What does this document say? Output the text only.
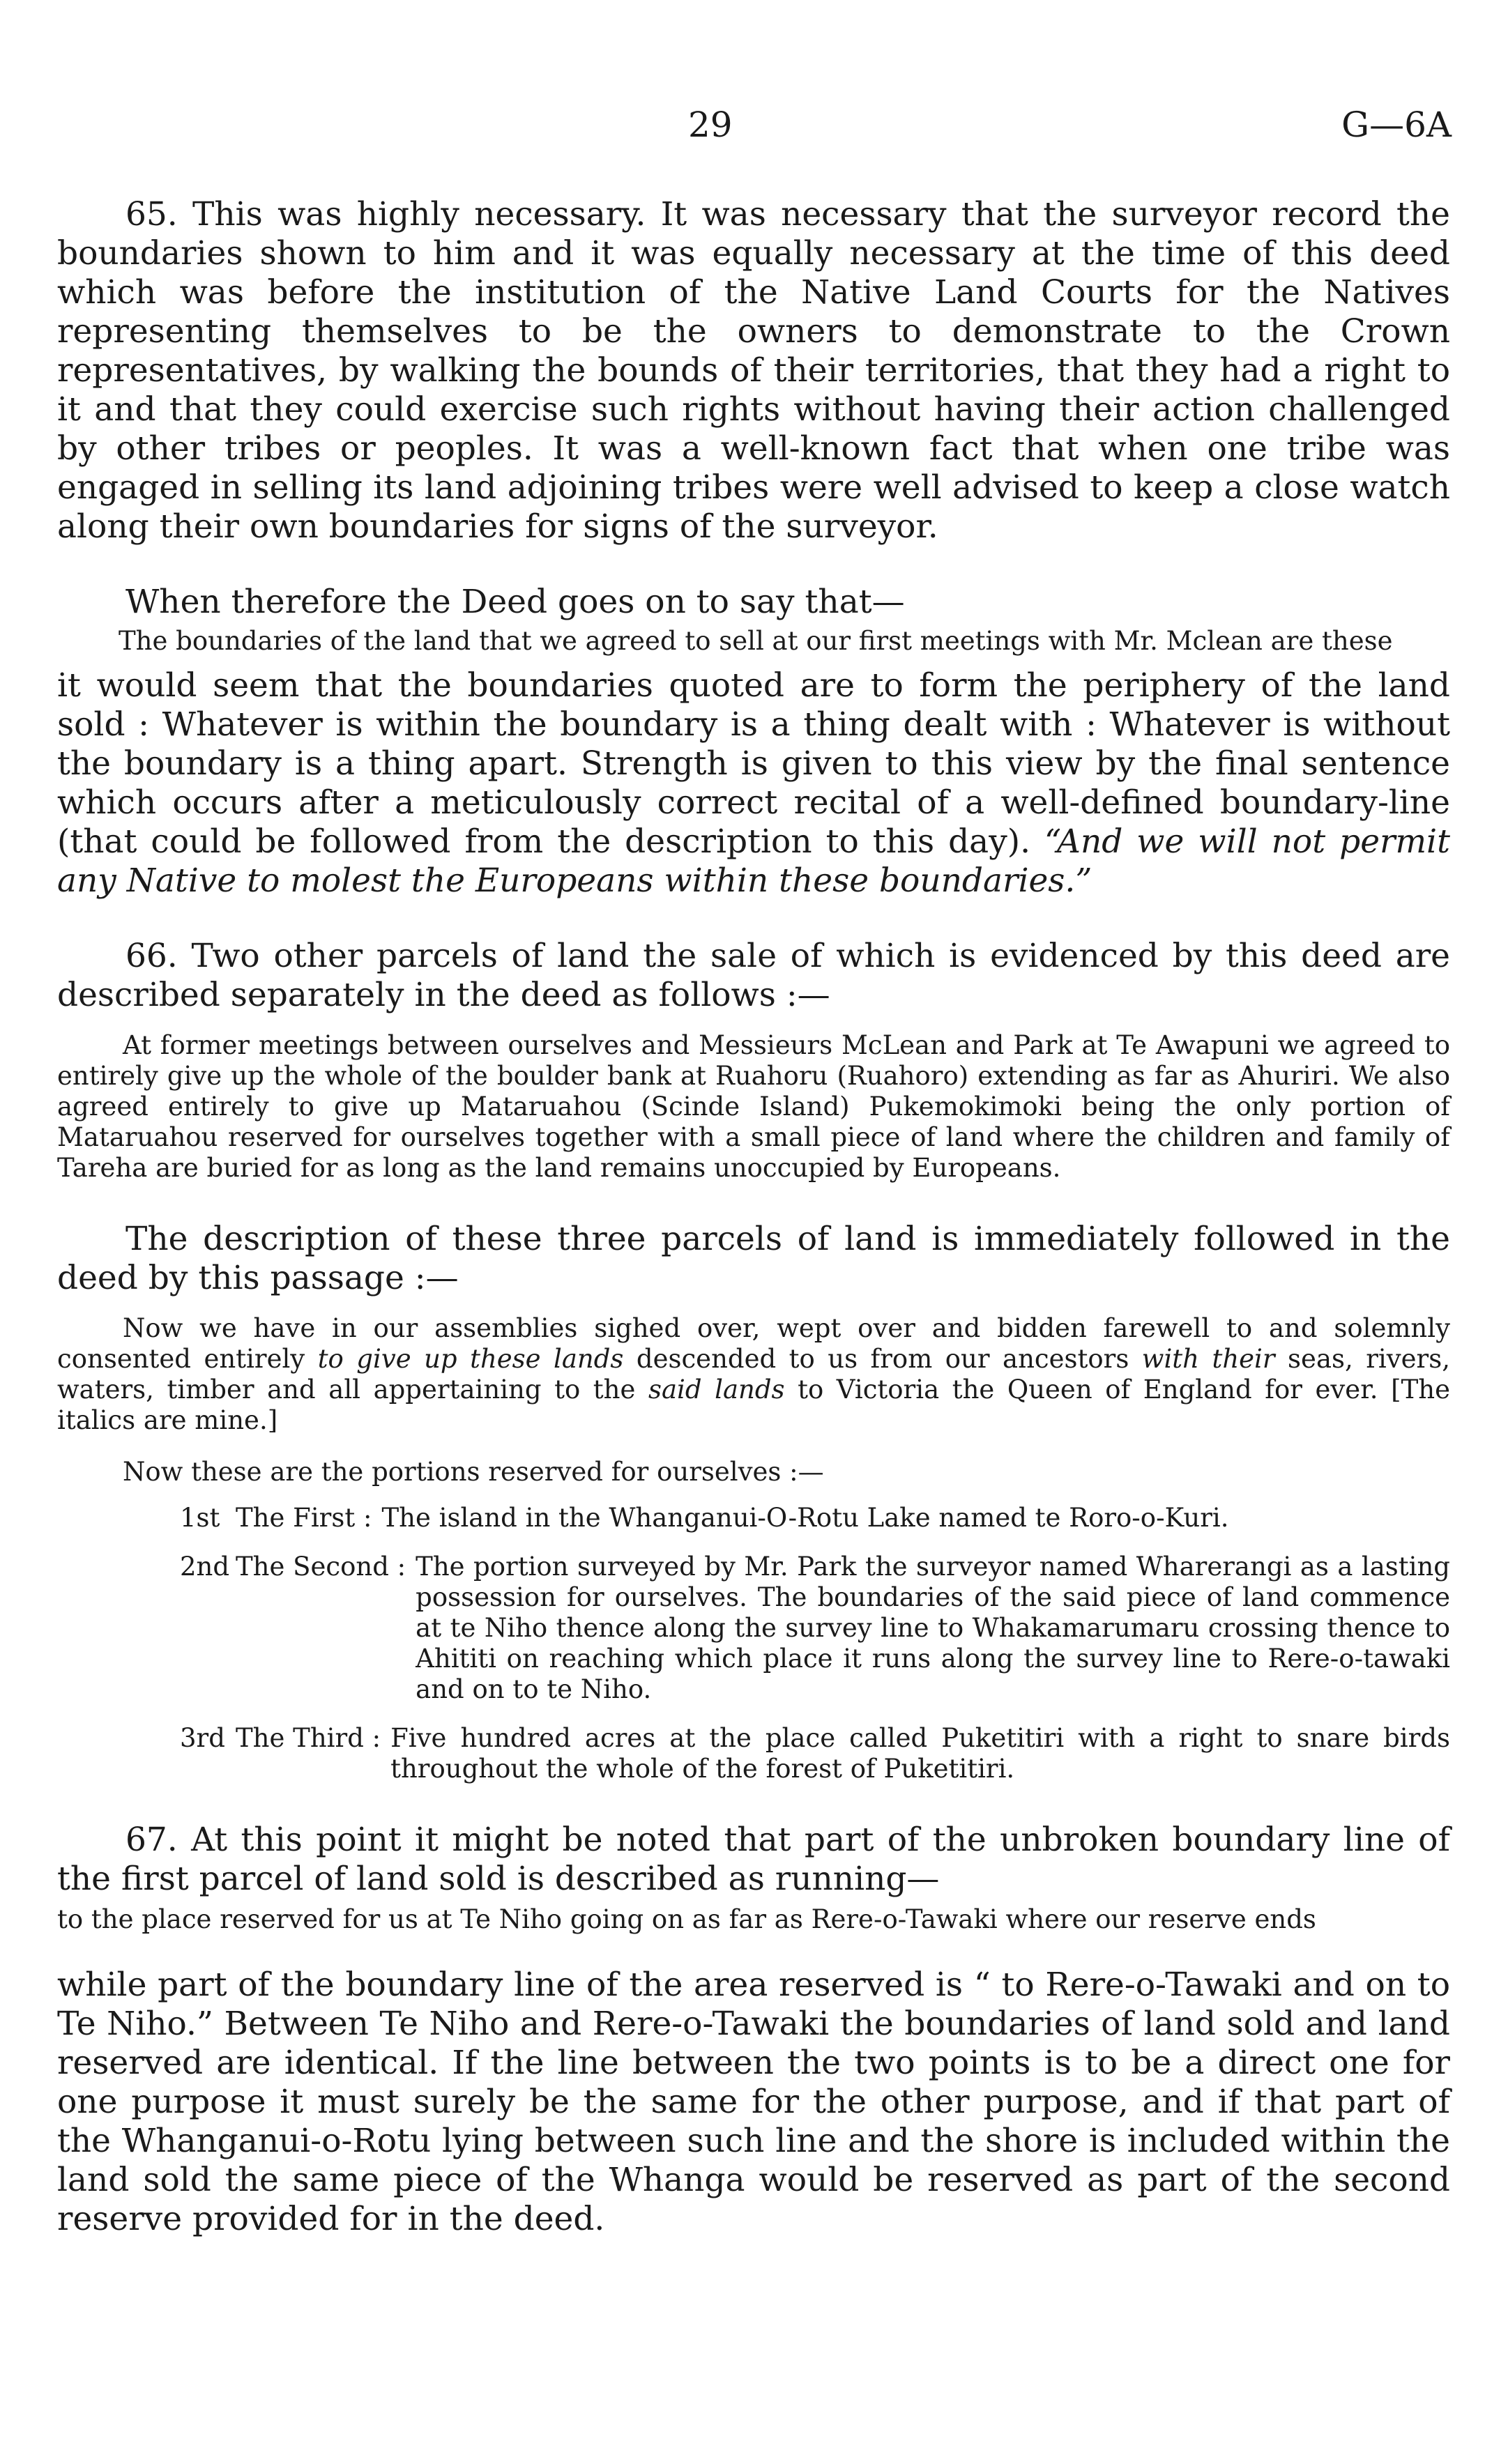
29	G—6A

65. This was highly necessary. It was necessary that the surveyor record the boundaries shown to him and it was equally necessary at the time of this deed which was before the institution of the Native Land Courts for the Natives representing themselves to be the owners to demonstrate to the Crown representatives, by walking the bounds of their territories, that they had a right to it and that they could exercise such rights without having their action challenged by other tribes or peoples. It was a well-known fact that when one tribe was engaged in selling its land adjoining tribes were well advised to keep a close watch along their own boundaries for signs of the surveyor.

When therefore the Deed goes on to say that—

The boundaries of the land that we agreed to sell at our first meetings with Mr. Mclean are these

it would seem that the boundaries quoted are to form the periphery of the land sold : Whatever is within the boundary is a thing dealt with : Whatever is without the boundary is a thing apart. Strength is given to this view by the final sentence which occurs after a meticulously correct recital of a well-defined boundary-line (that could be followed from the description to this day). “And we will not permit any Native to molest the Europeans within these boundaries.”

66. Two other parcels of land the sale of which is evidenced by this deed are described separately in the deed as follows :—

At former meetings between ourselves and Messieurs McLean and Park at Te Awapuni we agreed to entirely give up the whole of the boulder bank at Ruahoru (Ruahoro) extending as far as Ahuriri. We also agreed entirely to give up Mataruahou (Scinde Island) Pukemokimoki being the only portion of Mataruahou reserved for ourselves together with a small piece of land where the children and family of Tareha are buried for as long as the land remains unoccupied by Europeans.

The description of these three parcels of land is immediately followed in the deed by this passage :—

Now we have in our assemblies sighed over, wept over and bidden farewell to and solemnly consented entirely to give up these lands descended to us from our ancestors with their seas, rivers, waters, timber and all appertaining to the said lands to Victoria the Queen of England for ever. [The italics are mine.]

Now these are the portions reserved for ourselves :—

1st The First : The island in the Whanganui-O-Rotu Lake named te Roro-o-Kuri.
2nd The Second : The portion surveyed by Mr. Park the surveyor named Wharerangi as a lasting possession for ourselves. The boundaries of the said piece of land commence at te Niho thence along the survey line to Whakamarumaru crossing thence to Ahititi on reaching which place it runs along the survey line to Rere-o-tawaki and on to te Niho.
3rd The Third : Five hundred acres at the place called Puketitiri with a right to snare birds throughout the whole of the forest of Puketitiri.

67. At this point it might be noted that part of the unbroken boundary line of the first parcel of land sold is described as running—

to the place reserved for us at Te Niho going on as far as Rere-o-Tawaki where our reserve ends

while part of the boundary line of the area reserved is “ to Rere-o-Tawaki and on to Te Niho.” Between Te Niho and Rere-o-Tawaki the boundaries of land sold and land reserved are identical. If the line between the two points is to be a direct one for one purpose it must surely be the same for the other purpose, and if that part of the Whanganui-o-Rotu lying between such line and the shore is included within the land sold the same piece of the Whanga would be reserved as part of the second reserve provided for in the deed.
